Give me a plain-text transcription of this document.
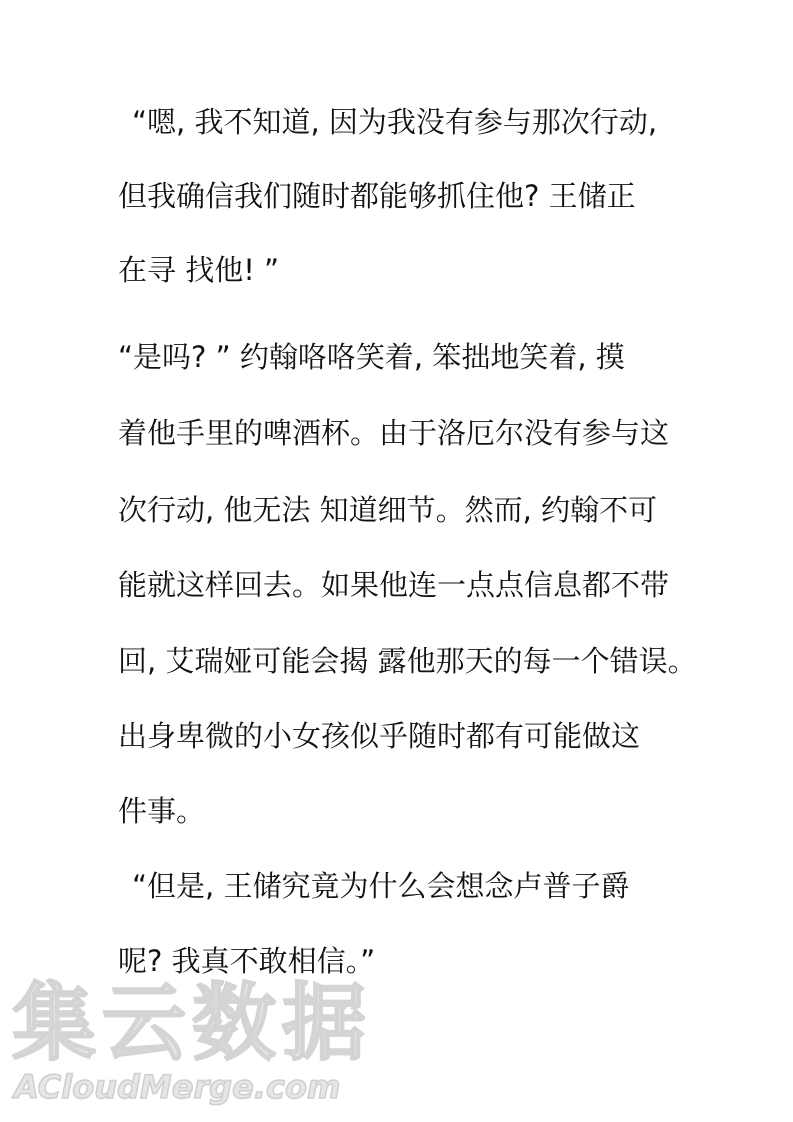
“嗯, 我不知道, 因为我没有参与那次行动,
但我确信我们随时都能够抓住他? 王储正
在寻 找他! ”
“是吗? ” 约翰咯咯笑着, 笨拙地笑着, 摸
着他手里的啤酒杯。由于洛厄尔没有参与这
次行动, 他无法 知道细节。然而, 约翰不可
能就这样回去。如果他连一点点信息都不带
回, 艾瑞娅可能会揭 露他那天的每一个错误。
出身卑微的小女孩似乎随时都有可能做这
件事。
“但是, 王储究竟为什么会想念卢普子爵
呢? 我真不敢相信。”
集云数据
ACloudMerge.com
